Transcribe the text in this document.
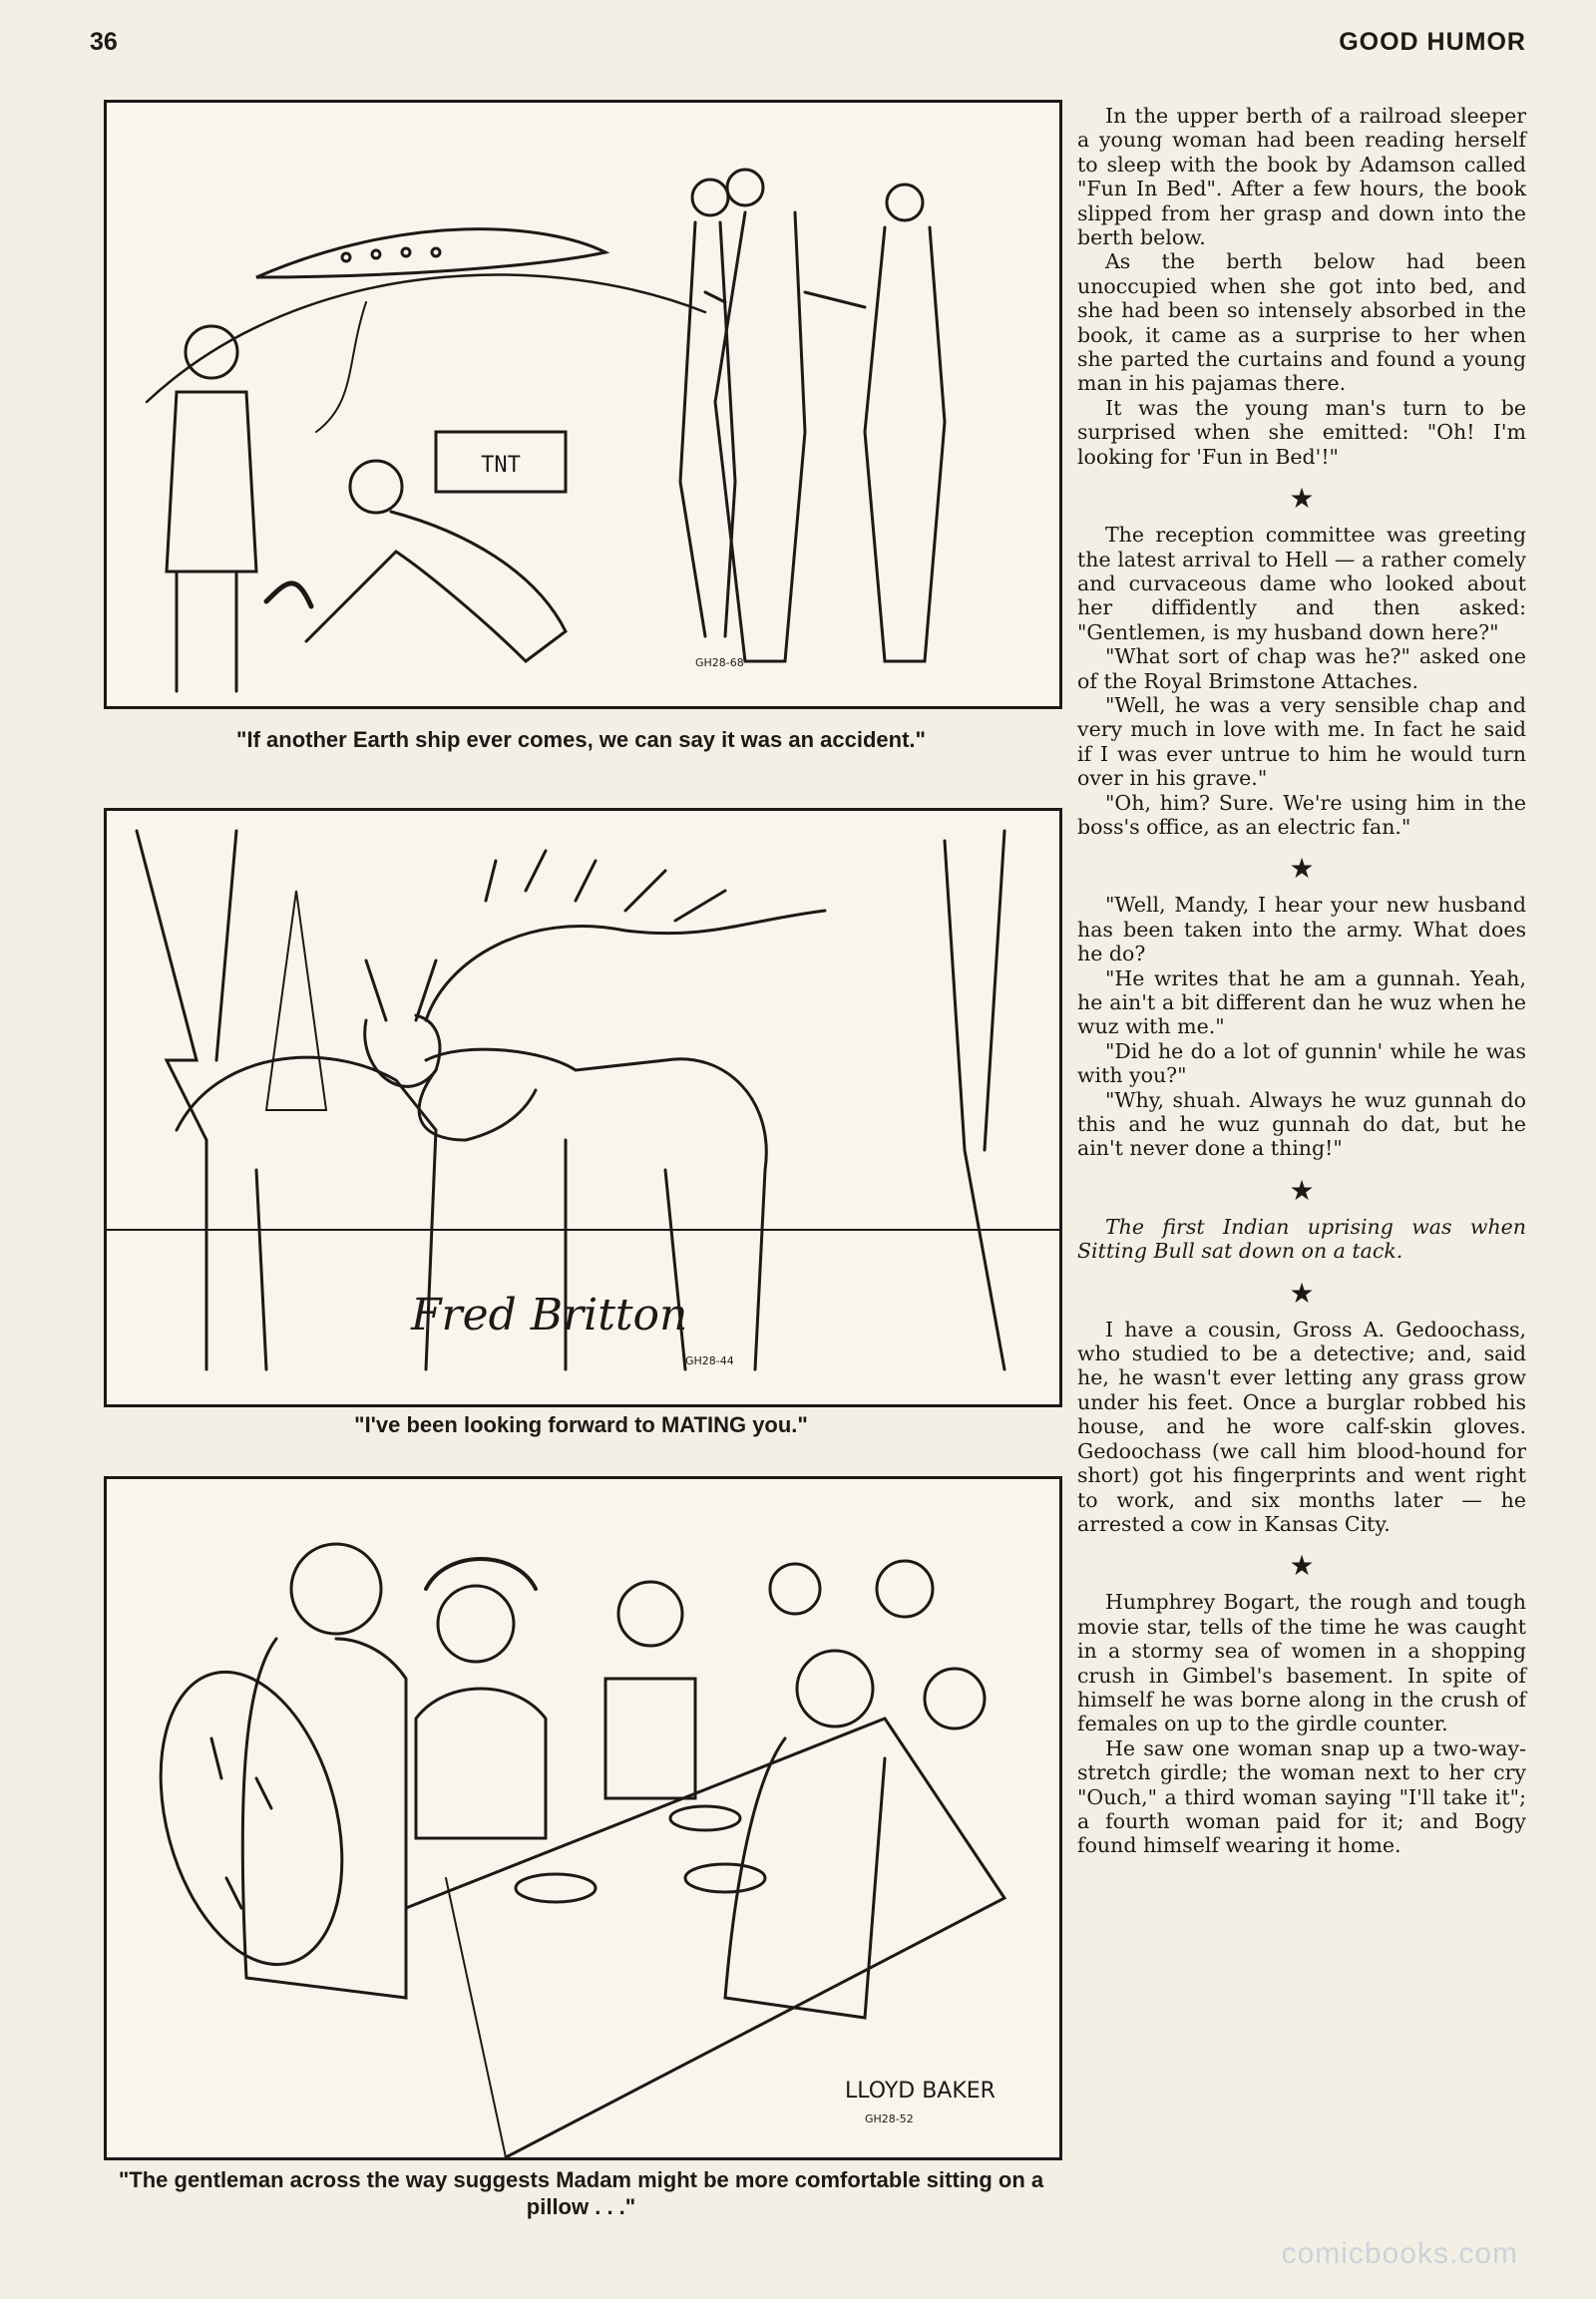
36	GOOD HUMOR
TNT
GH28-68
"If another Earth ship ever comes, we can say it was an accident."
Fred Britton
GH28-44
"I've been looking forward to MATING you."
LLOYD BAKER
GH28-52
"The gentleman across the way suggests Madam might be more comfortable sitting on a pillow . . ."

In the upper berth of a railroad sleeper a young woman had been reading herself to sleep with the book by Adamson called "Fun In Bed". After a few hours, the book slipped from her grasp and down into the berth below.

As the berth below had been unoccupied when she got into bed, and she had been so intensely absorbed in the book, it came as a surprise to her when she parted the curtains and found a young man in his pajamas there.

It was the young man's turn to be surprised when she emitted: "Oh! I'm looking for 'Fun in Bed'!"

★

The reception committee was greeting the latest arrival to Hell — a rather comely and curvaceous dame who looked about her diffidently and then asked: "Gentlemen, is my husband down here?"

"What sort of chap was he?" asked one of the Royal Brimstone Attaches.

"Well, he was a very sensible chap and very much in love with me. In fact he said if I was ever untrue to him he would turn over in his grave."

"Oh, him? Sure. We're using him in the boss's office, as an electric fan."

★

"Well, Mandy, I hear your new husband has been taken into the army. What does he do?

"He writes that he am a gunnah. Yeah, he ain't a bit different dan he wuz when he wuz with me."

"Did he do a lot of gunnin' while he was with you?"

"Why, shuah. Always he wuz gunnah do this and he wuz gunnah do dat, but he ain't never done a thing!"

★

The first Indian uprising was when Sitting Bull sat down on a tack.

★

I have a cousin, Gross A. Gedoochass, who studied to be a detective; and, said he, he wasn't ever letting any grass grow under his feet. Once a burglar robbed his house, and he wore calf-skin gloves. Gedoochass (we call him blood-hound for short) got his fingerprints and went right to work, and six months later — he arrested a cow in Kansas City.

★

Humphrey Bogart, the rough and tough movie star, tells of the time he was caught in a stormy sea of women in a shopping crush in Gimbel's basement. In spite of himself he was borne along in the crush of females on up to the girdle counter.

He saw one woman snap up a two-way-stretch girdle; the woman next to her cry "Ouch," a third woman saying "I'll take it"; a fourth woman paid for it; and Bogy found himself wearing it home.

comicbooks.com
